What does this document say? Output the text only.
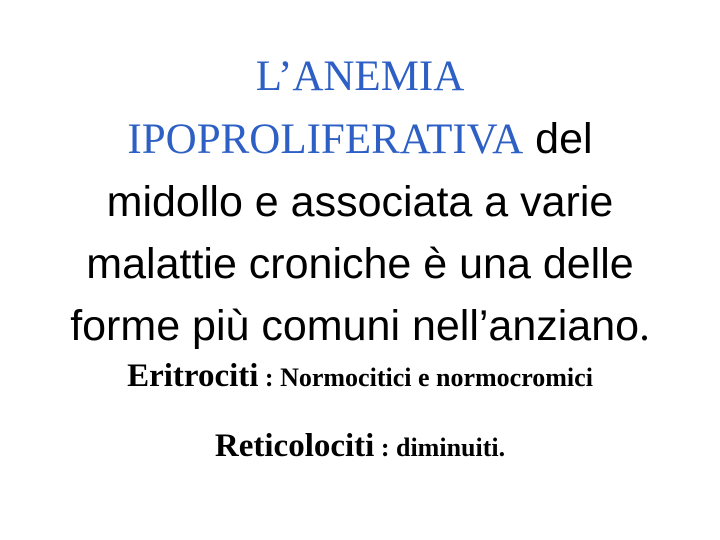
L’ANEMIA
IPOPROLIFERATIVA del
midollo e associata a varie
malattie croniche è una delle
forme più comuni nell’anziano.
Eritrociti : Normocitici e normocromici
Reticolociti : diminuiti.
